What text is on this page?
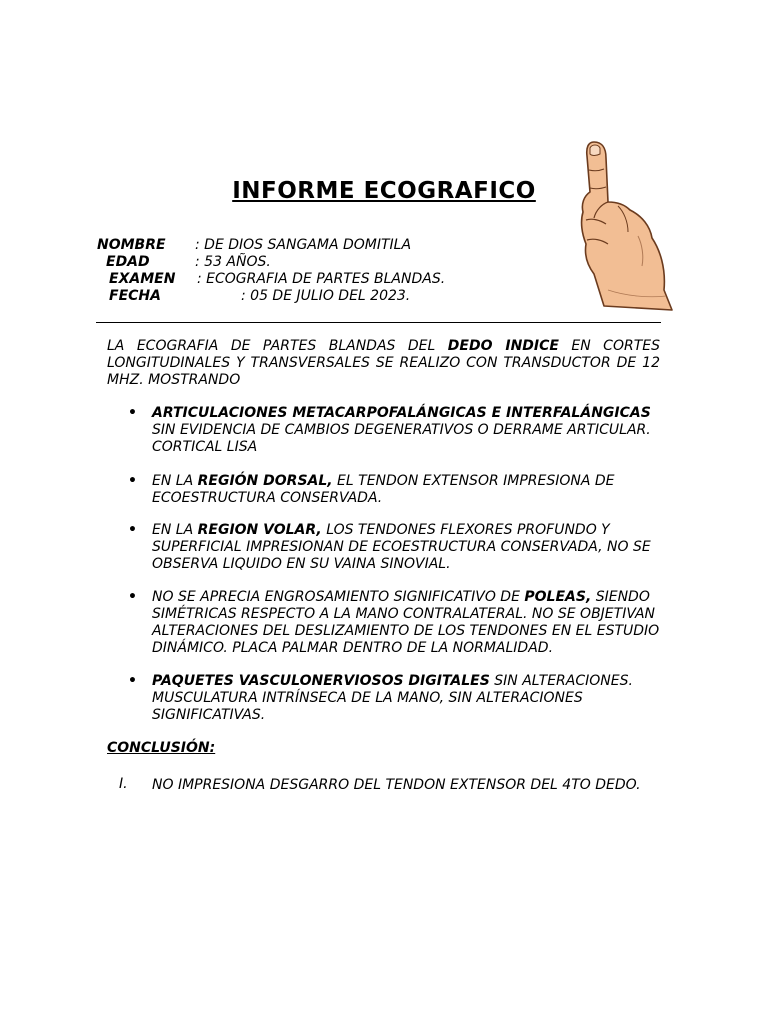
INFORME ECOGRAFICO
NOMBRE : DE DIOS SANGAMA DOMITILA
EDAD	: 53 AÑOS.
EXAMEN : ECOGRAFIA DE PARTES BLANDAS.
FECHA	: 05 DE JULIO DEL 2023.
LA ECOGRAFIA DE PARTES BLANDAS DEL DEDO INDICE EN CORTES LONGITUDINALES Y TRANSVERSALES SE REALIZO CON TRANSDUCTOR DE 12 MHZ. MOSTRANDO
• ARTICULACIONES METACARPOFALÁNGICAS E INTERFALÁNGICAS SIN EVIDENCIA DE CAMBIOS DEGENERATIVOS O DERRAME ARTICULAR. CORTICAL LISA
• EN LA REGIÓN DORSAL, EL TENDON EXTENSOR IMPRESIONA DE ECOESTRUCTURA CONSERVADA.
• EN LA REGION VOLAR, LOS TENDONES FLEXORES PROFUNDO Y SUPERFICIAL IMPRESIONAN DE ECOESTRUCTURA CONSERVADA, NO SE OBSERVA LIQUIDO EN SU VAINA SINOVIAL.
• NO SE APRECIA ENGROSAMIENTO SIGNIFICATIVO DE POLEAS, SIENDO SIMÉTRICAS RESPECTO A LA MANO CONTRALATERAL. NO SE OBJETIVAN ALTERACIONES DEL DESLIZAMIENTO DE LOS TENDONES EN EL ESTUDIO DINÁMICO. PLACA PALMAR DENTRO DE LA NORMALIDAD.
• PAQUETES VASCULONERVIOSOS DIGITALES SIN ALTERACIONES. MUSCULATURA INTRÍNSECA DE LA MANO, SIN ALTERACIONES SIGNIFICATIVAS.
CONCLUSIÓN:
I. NO IMPRESIONA DESGARRO DEL TENDON EXTENSOR DEL 4TO DEDO.
